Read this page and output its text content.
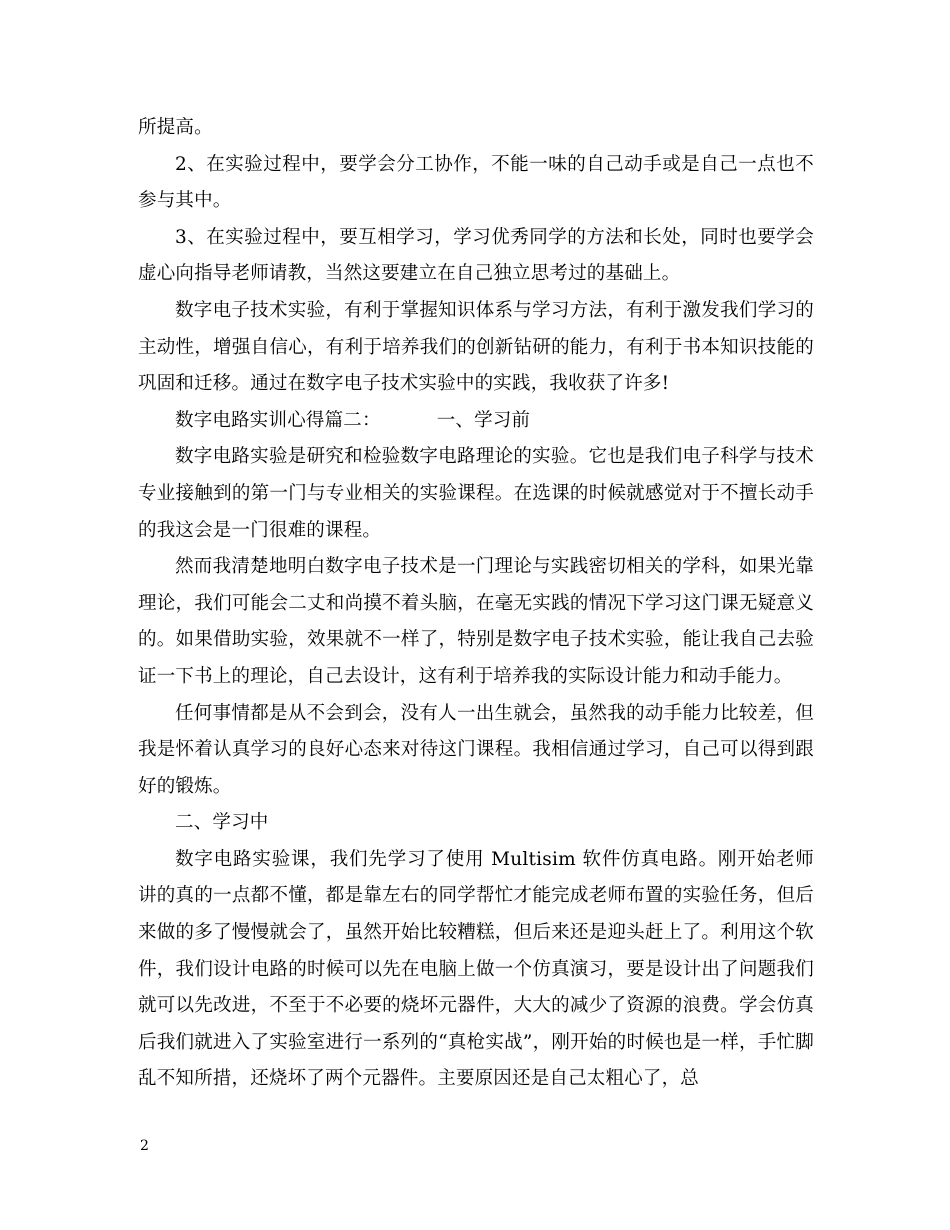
所提高。

2、在实验过程中，要学会分工协作，不能一味的自己动手或是自己一点也不参与其中。

3、在实验过程中，要互相学习，学习优秀同学的方法和长处，同时也要学会虚心向指导老师请教，当然这要建立在自己独立思考过的基础上。

数字电子技术实验，有利于掌握知识体系与学习方法，有利于激发我们学习的主动性，增强自信心，有利于培养我们的创新钻研的能力，有利于书本知识技能的巩固和迁移。通过在数字电子技术实验中的实践，我收获了许多!

数字电路实训心得篇二：	一、学习前

数字电路实验是研究和检验数字电路理论的实验。它也是我们电子科学与技术专业接触到的第一门与专业相关的实验课程。在选课的时候就感觉对于不擅长动手的我这会是一门很难的课程。

然而我清楚地明白数字电子技术是一门理论与实践密切相关的学科，如果光靠理论，我们可能会二丈和尚摸不着头脑，在毫无实践的情况下学习这门课无疑意义的。如果借助实验，效果就不一样了，特别是数字电子技术实验，能让我自己去验证一下书上的理论，自己去设计，这有利于培养我的实际设计能力和动手能力。

任何事情都是从不会到会，没有人一出生就会，虽然我的动手能力比较差，但我是怀着认真学习的良好心态来对待这门课程。我相信通过学习，自己可以得到跟好的锻炼。

二、学习中

数字电路实验课，我们先学习了使用 Multisim 软件仿真电路。刚开始老师讲的真的一点都不懂，都是靠左右的同学帮忙才能完成老师布置的实验任务，但后来做的多了慢慢就会了，虽然开始比较糟糕，但后来还是迎头赶上了。利用这个软件，我们设计电路的时候可以先在电脑上做一个仿真演习，要是设计出了问题我们就可以先改进，不至于不必要的烧坏元器件，大大的减少了资源的浪费。学会仿真后我们就进入了实验室进行一系列的“真枪实战”，刚开始的时候也是一样，手忙脚乱不知所措，还烧坏了两个元器件。主要原因还是自己太粗心了，总

2
